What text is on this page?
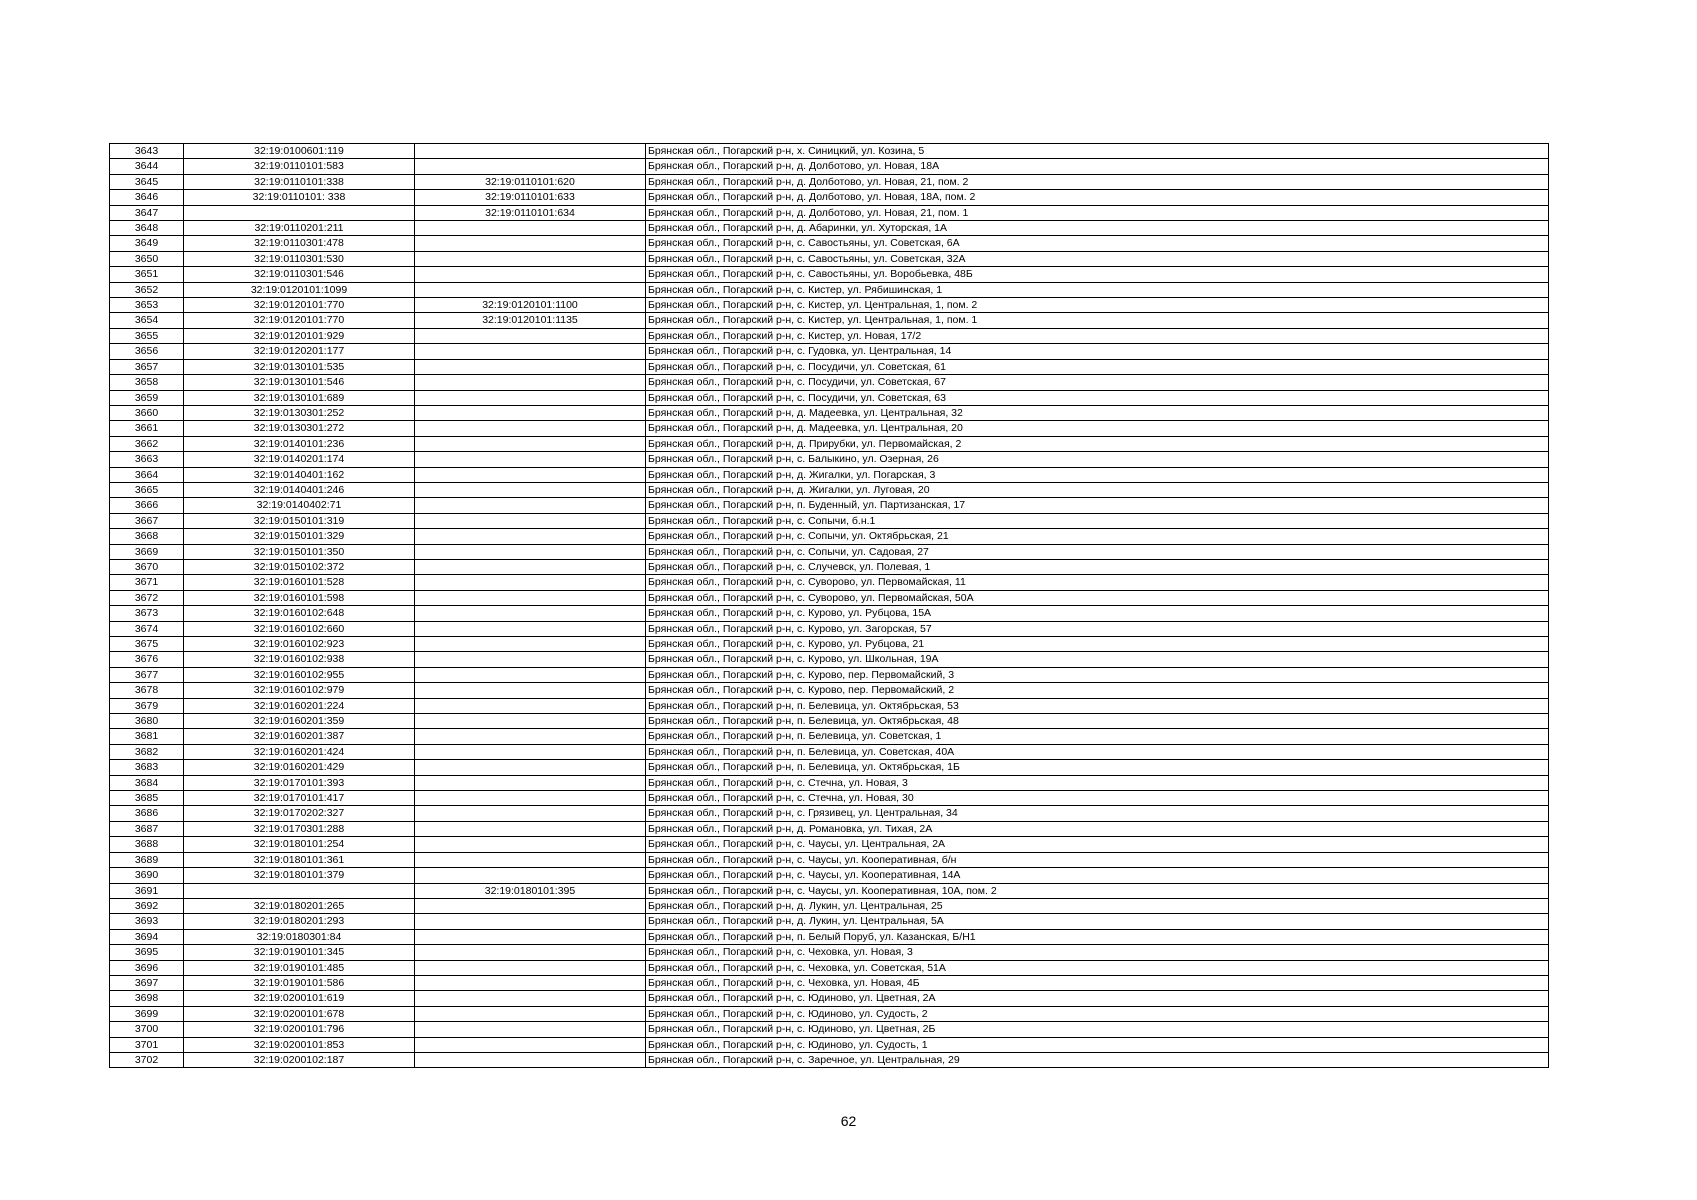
3643	32:19:0100601:119		Брянская обл., Погарский р-н, х. Синицкий, ул. Козина, 5
3644	32:19:0110101:583		Брянская обл., Погарский р-н, д. Долботово, ул. Новая, 18А
3645	32:19:0110101:338	32:19:0110101:620	Брянская обл., Погарский р-н, д. Долботово, ул. Новая, 21, пом. 2
3646	32:19:0110101: 338	32:19:0110101:633	Брянская обл., Погарский р-н, д. Долботово, ул. Новая, 18А, пом. 2
3647		32:19:0110101:634	Брянская обл., Погарский р-н, д. Долботово, ул. Новая, 21, пом. 1
3648	32:19:0110201:211		Брянская обл., Погарский р-н, д. Абаринки, ул. Хуторская, 1А
3649	32:19:0110301:478		Брянская обл., Погарский р-н, с. Савостьяны, ул. Советская, 6А
3650	32:19:0110301:530		Брянская обл., Погарский р-н, с. Савостьяны, ул. Советская, 32А
3651	32:19:0110301:546		Брянская обл., Погарский р-н, с. Савостьяны, ул. Воробьевка, 48Б
3652	32:19:0120101:1099		Брянская обл., Погарский р-н, с. Кистер, ул. Рябишинская, 1
3653	32:19:0120101:770	32:19:0120101:1100	Брянская обл., Погарский р-н, с. Кистер, ул. Центральная, 1, пом. 2
3654	32:19:0120101:770	32:19:0120101:1135	Брянская обл., Погарский р-н, с. Кистер, ул. Центральная, 1, пом. 1
3655	32:19:0120101:929		Брянская обл., Погарский р-н, с. Кистер, ул. Новая, 17/2
3656	32:19:0120201:177		Брянская обл., Погарский р-н, с. Гудовка, ул. Центральная, 14
3657	32:19:0130101:535		Брянская обл., Погарский р-н, с. Посудичи, ул. Советская, 61
3658	32:19:0130101:546		Брянская обл., Погарский р-н, с. Посудичи, ул. Советская, 67
3659	32:19:0130101:689		Брянская обл., Погарский р-н, с. Посудичи, ул. Советская, 63
3660	32:19:0130301:252		Брянская обл., Погарский р-н, д. Мадеевка, ул. Центральная, 32
3661	32:19:0130301:272		Брянская обл., Погарский р-н, д. Мадеевка, ул. Центральная, 20
3662	32:19:0140101:236		Брянская обл., Погарский р-н, д. Прирубки, ул. Первомайская, 2
3663	32:19:0140201:174		Брянская обл., Погарский р-н, с. Балыкино, ул. Озерная, 26
3664	32:19:0140401:162		Брянская обл., Погарский р-н, д. Жигалки, ул. Погарская, 3
3665	32:19:0140401:246		Брянская обл., Погарский р-н, д. Жигалки, ул. Луговая, 20
3666	32:19:0140402:71		Брянская обл., Погарский р-н, п. Буденный, ул. Партизанская, 17
3667	32:19:0150101:319		Брянская обл., Погарский р-н, с. Сопычи, б.н.1
3668	32:19:0150101:329		Брянская обл., Погарский р-н, с. Сопычи, ул. Октябрьская, 21
3669	32:19:0150101:350		Брянская обл., Погарский р-н, с. Сопычи, ул. Садовая, 27
3670	32:19:0150102:372		Брянская обл., Погарский р-н, с. Случевск, ул. Полевая, 1
3671	32:19:0160101:528		Брянская обл., Погарский р-н, с. Суворово, ул. Первомайская, 11
3672	32:19:0160101:598		Брянская обл., Погарский р-н, с. Суворово, ул. Первомайская, 50А
3673	32:19:0160102:648		Брянская обл., Погарский р-н, с. Курово, ул. Рубцова, 15А
3674	32:19:0160102:660		Брянская обл., Погарский р-н, с. Курово, ул. Загорская, 57
3675	32:19:0160102:923		Брянская обл., Погарский р-н, с. Курово, ул. Рубцова, 21
3676	32:19:0160102:938		Брянская обл., Погарский р-н, с. Курово, ул. Школьная, 19А
3677	32:19:0160102:955		Брянская обл., Погарский р-н, с. Курово, пер. Первомайский, 3
3678	32:19:0160102:979		Брянская обл., Погарский р-н, с. Курово, пер. Первомайский, 2
3679	32:19:0160201:224		Брянская обл., Погарский р-н, п. Белевица, ул. Октябрьская, 53
3680	32:19:0160201:359		Брянская обл., Погарский р-н, п. Белевица, ул. Октябрьская, 48
3681	32:19:0160201:387		Брянская обл., Погарский р-н, п. Белевица, ул. Советская, 1
3682	32:19:0160201:424		Брянская обл., Погарский р-н, п. Белевица, ул. Советская, 40А
3683	32:19:0160201:429		Брянская обл., Погарский р-н, п. Белевица, ул. Октябрьская, 1Б
3684	32:19:0170101:393		Брянская обл., Погарский р-н, с. Стечна, ул. Новая, 3
3685	32:19:0170101:417		Брянская обл., Погарский р-н, с. Стечна, ул. Новая, 30
3686	32:19:0170202:327		Брянская обл., Погарский р-н, с. Грязивец, ул. Центральная, 34
3687	32:19:0170301:288		Брянская обл., Погарский р-н, д. Романовка, ул. Тихая, 2А
3688	32:19:0180101:254		Брянская обл., Погарский р-н, с. Чаусы, ул. Центральная, 2А
3689	32:19:0180101:361		Брянская обл., Погарский р-н, с. Чаусы, ул. Кооперативная, б/н
3690	32:19:0180101:379		Брянская обл., Погарский р-н, с. Чаусы, ул. Кооперативная, 14А
3691		32:19:0180101:395	Брянская обл., Погарский р-н, с. Чаусы, ул. Кооперативная, 10А, пом. 2
3692	32:19:0180201:265		Брянская обл., Погарский р-н, д. Лукин, ул. Центральная, 25
3693	32:19:0180201:293		Брянская обл., Погарский р-н, д. Лукин, ул. Центральная, 5А
3694	32:19:0180301:84		Брянская обл., Погарский р-н, п. Белый Поруб, ул. Казанская, Б/Н1
3695	32:19:0190101:345		Брянская обл., Погарский р-н, с. Чеховка, ул. Новая, 3
3696	32:19:0190101:485		Брянская обл., Погарский р-н, с. Чеховка, ул. Советская, 51А
3697	32:19:0190101:586		Брянская обл., Погарский р-н, с. Чеховка, ул. Новая, 4Б
3698	32:19:0200101:619		Брянская обл., Погарский р-н, с. Юдиново, ул. Цветная, 2А
3699	32:19:0200101:678		Брянская обл., Погарский р-н, с. Юдиново, ул. Судость, 2
3700	32:19:0200101:796		Брянская обл., Погарский р-н, с. Юдиново, ул. Цветная, 2Б
3701	32:19:0200101:853		Брянская обл., Погарский р-н, с. Юдиново, ул. Судость, 1
3702	32:19:0200102:187		Брянская обл., Погарский р-н, с. Заречное, ул. Центральная, 29
62
